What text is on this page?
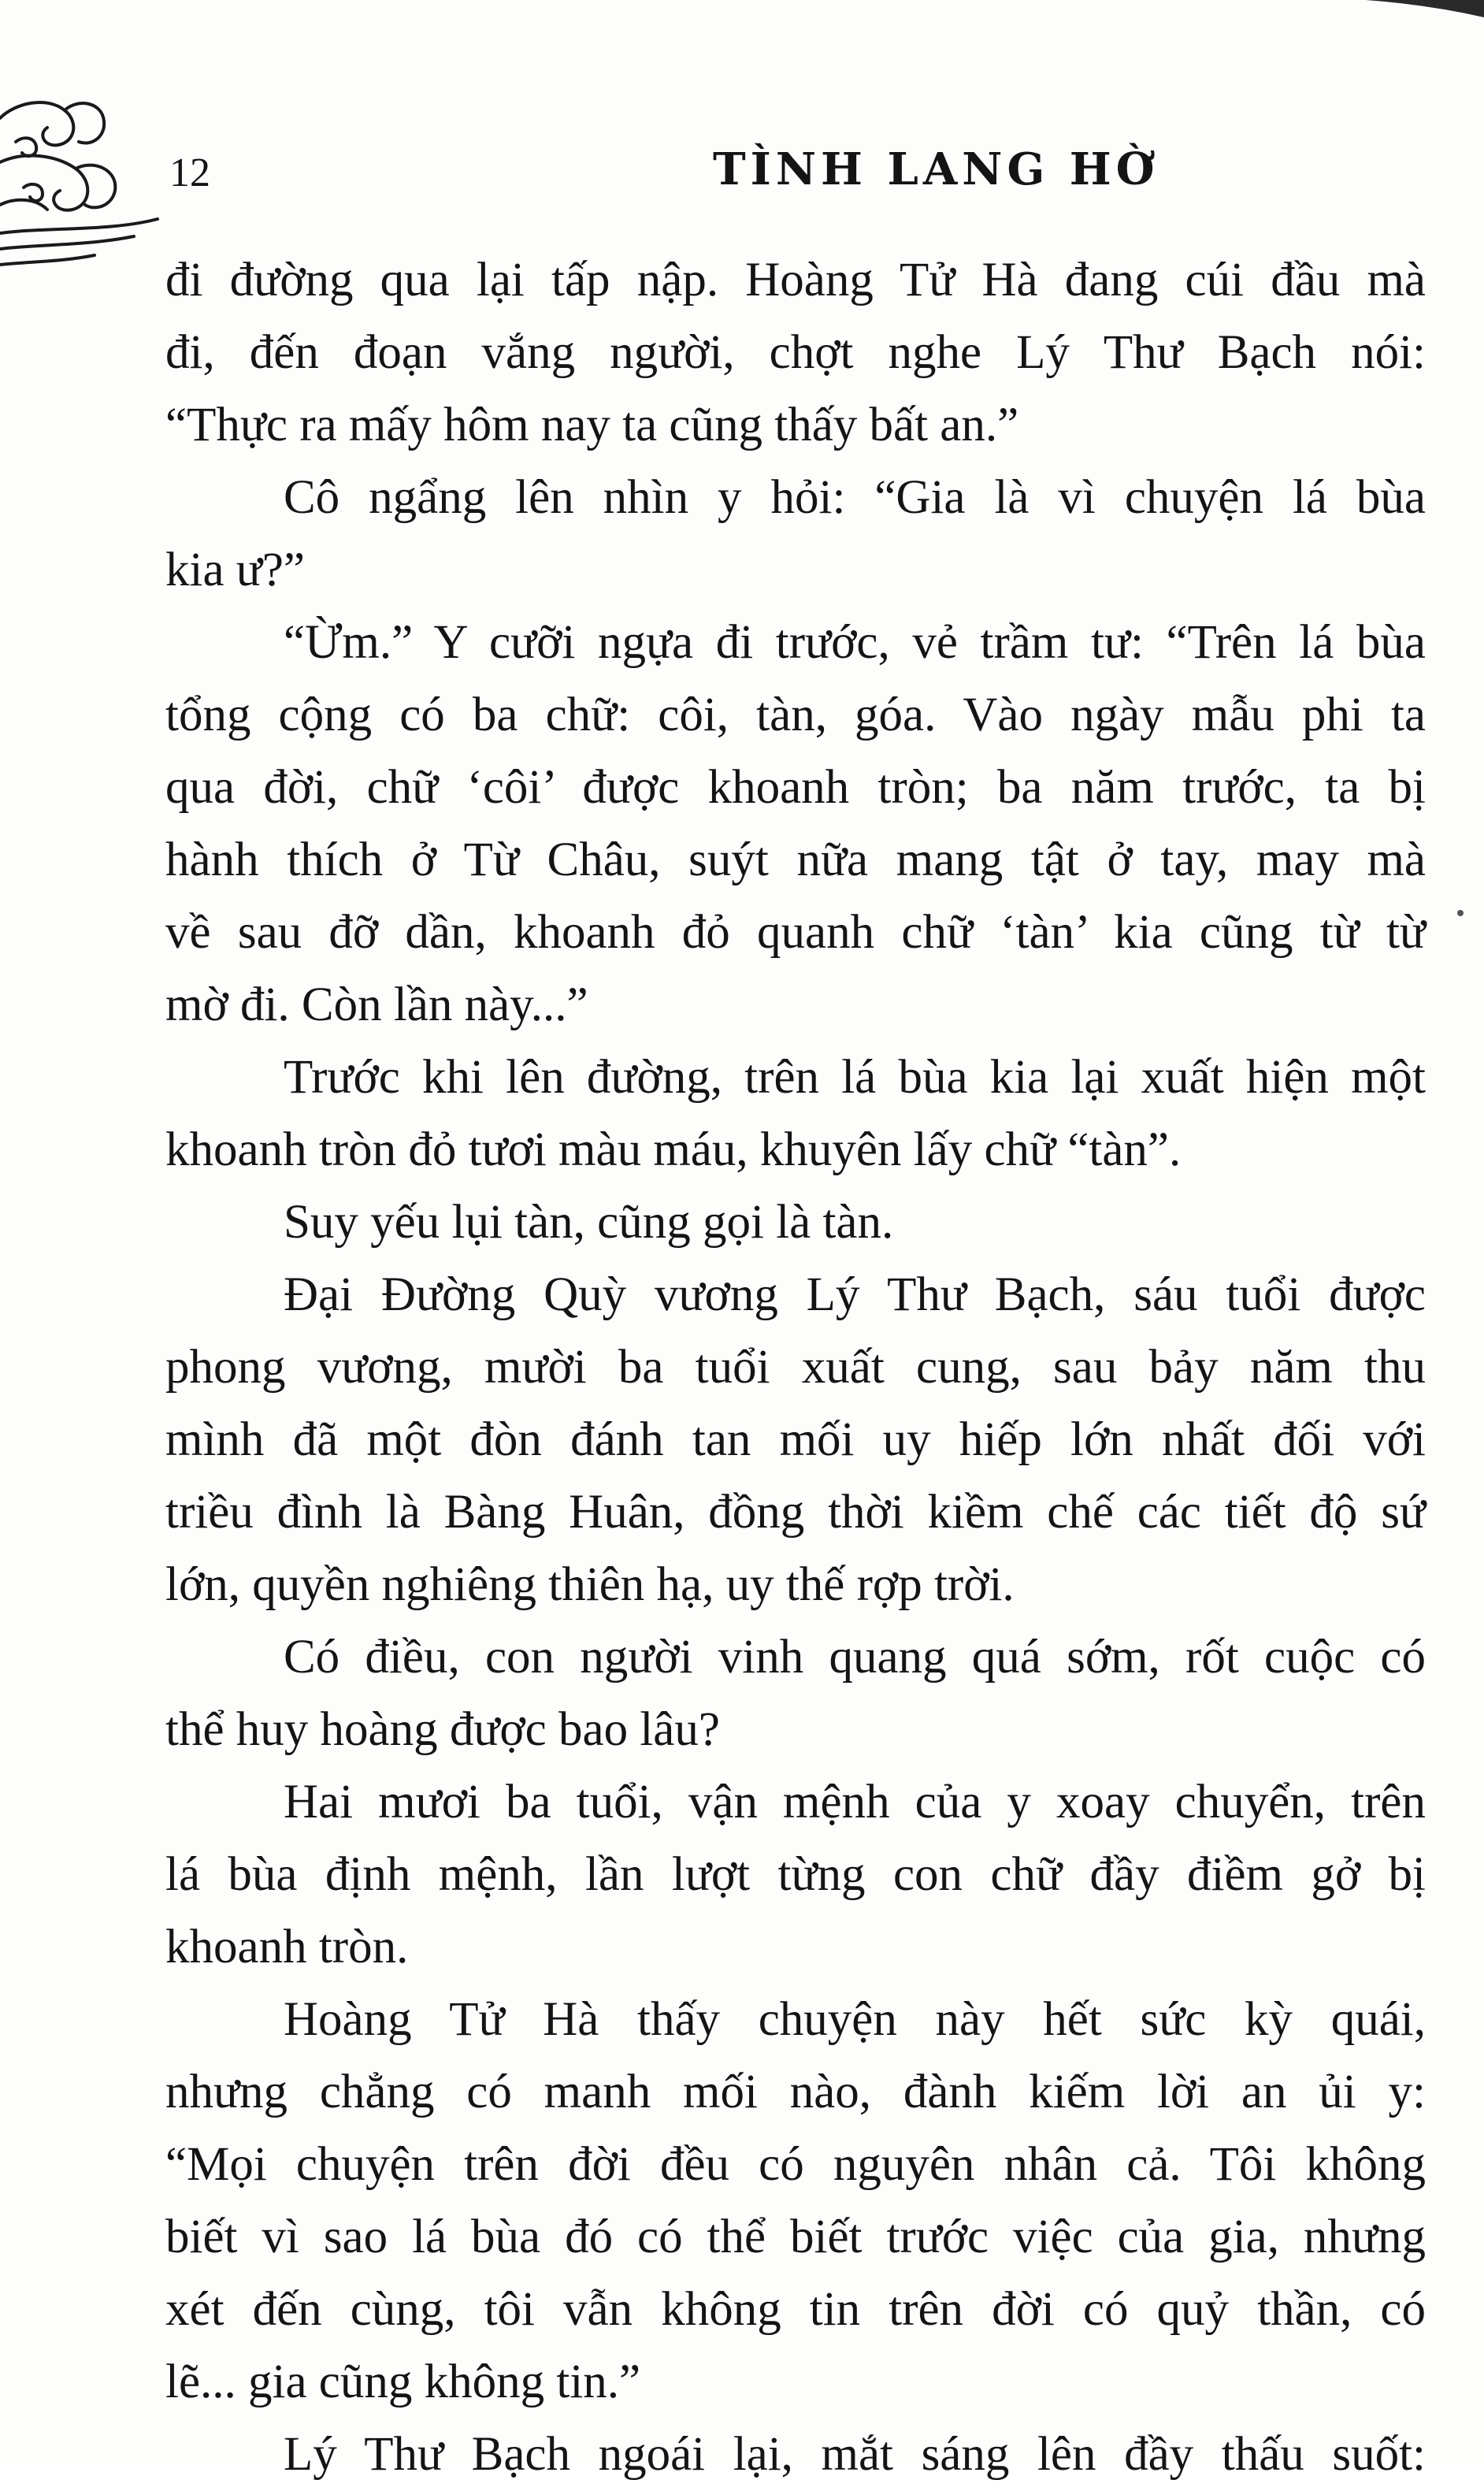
12	TÌNH LANG HỜ
đi đường qua lại tấp nập. Hoàng Tử Hà đang cúi đầu mà
đi, đến đoạn vắng người, chợt nghe Lý Thư Bạch nói:
“Thực ra mấy hôm nay ta cũng thấy bất an.”
Cô ngẩng lên nhìn y hỏi: “Gia là vì chuyện lá bùa
kia ư?”
“Ừm.” Y cưỡi ngựa đi trước, vẻ trầm tư: “Trên lá bùa
tổng cộng có ba chữ: côi, tàn, góa. Vào ngày mẫu phi ta
qua đời, chữ ‘côi’ được khoanh tròn; ba năm trước, ta bị
hành thích ở Từ Châu, suýt nữa mang tật ở tay, may mà
về sau đỡ dần, khoanh đỏ quanh chữ ‘tàn’ kia cũng từ từ
mờ đi. Còn lần này...”
Trước khi lên đường, trên lá bùa kia lại xuất hiện một
khoanh tròn đỏ tươi màu máu, khuyên lấy chữ “tàn”.
Suy yếu lụi tàn, cũng gọi là tàn.
Đại Đường Quỳ vương Lý Thư Bạch, sáu tuổi được
phong vương, mười ba tuổi xuất cung, sau bảy năm thu
mình đã một đòn đánh tan mối uy hiếp lớn nhất đối với
triều đình là Bàng Huân, đồng thời kiềm chế các tiết độ sứ
lớn, quyền nghiêng thiên hạ, uy thế rợp trời.
Có điều, con người vinh quang quá sớm, rốt cuộc có
thể huy hoàng được bao lâu?
Hai mươi ba tuổi, vận mệnh của y xoay chuyển, trên
lá bùa định mệnh, lần lượt từng con chữ đầy điềm gở bị
khoanh tròn.
Hoàng Tử Hà thấy chuyện này hết sức kỳ quái,
nhưng chẳng có manh mối nào, đành kiếm lời an ủi y:
“Mọi chuyện trên đời đều có nguyên nhân cả. Tôi không
biết vì sao lá bùa đó có thể biết trước việc của gia, nhưng
xét đến cùng, tôi vẫn không tin trên đời có quỷ thần, có
lẽ... gia cũng không tin.”
Lý Thư Bạch ngoái lại, mắt sáng lên đầy thấu suốt:
